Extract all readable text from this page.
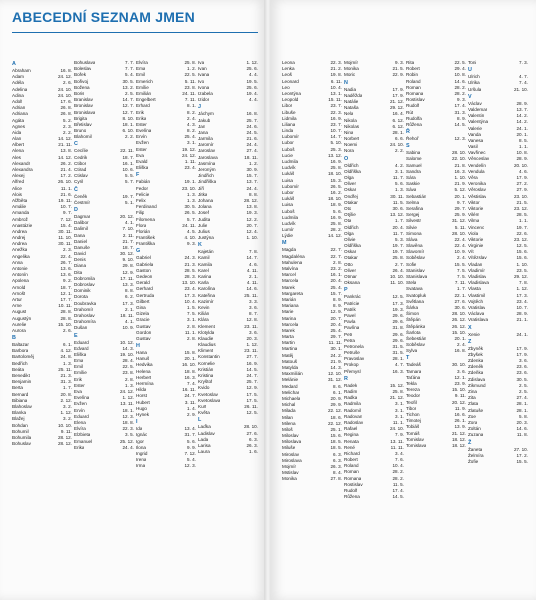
ABECEDNÍ SEZNAM JMEN
A
Abraham	16. 8.
Adam	24. 12.
Adéla	2. 6.
Adelina	24. 10.
Adina	24. 10.
Adolf	17. 6.
Adrian	26. 8.
Adriana	26. 8.
Agáta	5. 2.
Agnes	2. 3.
Aida	2. 2.
Alan	14. 12.
Albert	21. 11.
Alena	13. 8.
Ales	14. 12.
Alexandr	26. 2.
Alexandra	21. 4.
Alexej	17. 2.
Alfred	26. 10.
Alice	11. 1.
Alois	21. 6.
Alžběta	19. 11.
Amálie	10. 7.
Amanda	9. 7.
Ambrož	7. 12.
Anastázie	15. 4.
Andrea	30. 11.
Andrej	11. 10.
Andrea	30. 11.
Anežka	2. 3.
Angelika	22. 4.
Anna	26. 7.
Antonie	13. 6.
Antonín	13. 6.
Apolena	9. 2.
Arnold	18. 7.
Arnošt	12. 1.
Artur	17. 7.
Arne	10. 11.
August	28. 8.
Augustýn	28. 8.
Aurelie	15. 10.
Aurora	2. 6.
B
Baltazar	6. 1.
Barbora	4. 12.
Bartoloměj	24. 8.
Bedřich	1. 3.
Beáta	25. 11.
Benedikt	21. 3.
Benjamin	31. 3.
Berta	1. 7.
Bernard	20. 8.
Bibiana	2. 12.
Blahoslav	3. 2.
Blanka	1. 12.
Blažej	3. 2.
Bohdan	10. 10.
Bohumil	9. 11.
Bohumila	28. 12.
Bohuslav	28. 12.
Bohuslava	7. 7.
Boleslav	7. 7.
Bořek	5. 4.
Bořivoj	30. 5.
Božena	13. 2.
Boris	2. 5.
Branislav	14. 7.
Bronislav	12. 7.
Bronislava	12. 7.
Brigita	8. 10.
Břetislav	18. 1.
Bruno	6. 10.
Blahomil	2. 2.
C
Cecílie	22. 11.
Cedrik	18. 7.
Ctibor	16. 1.
Ctirad	10. 6.
Ctislav	5. 5.
Cyril	5. 7.
Č
Čeněk	19. 7.
Čestmír	5. 1.
D
Dagmar	20. 12.
Dalibor	4. 1.
Dalimil	7. 10.
Dana	2. 11.
Daniel	21. 7.
Danuše	18. 7.
David	30. 12.
Denis	9. 10.
Diana	29. 8.
Dita	12. 9.
Dobromila	17. 11.
Dobroslav	13. 3.
Dominik	8. 8.
Dorota	6. 2.
Doubravka	17. 3.
Drahomír	2. 1.
Drahoslav	18. 11.
Drahomíra	4. 1.
Dušan	10. 9.
E
Eduard	10. 12.
Edvard	14. 3.
Eliška	19. 10.
Ema	28. 4.
Emil	22. 5.
Emílie	23. 8.
Erik	2. 8.
Ester	1. 3.
Eva	24. 12.
Evelína	1. 12.
Evžen	13. 11.
Ervín	18. 1.
Eduard	12. 3.
Elena	18. 8.
Elvíra	22. 3.
Elzbieta	3. 5.
Emanuel	25. 12.
Erika	24. 4.
Elvíra	25. 8.
Ema	1. 2.
Emil	22. 5.
Emerich	5. 11.
Emílie	23. 8.
Emilián	24. 11.
Engelbert	7. 11.
Erhard	8. 1.
Erik	8. 2.
Erika	2. 4.
Ester	4. 3.
Evelína	8. 2.
Ervín	25. 4.
Evžen	3. 1.
Ester	19. 12.
Eva	24. 12.
Evald	1. 11.
Eliška	23. 4.
F
Fabián	19. 1.
Fedor	23. 10.
Felicie	1. 3.
Felix	1. 3.
Ferdinand	30. 5.
Filip	26. 5.
Filomena	5. 7.
Flora	24. 11.
Florián	4. 5.
František	4. 10.
Františka	9. 3.
G
Gabriel	24. 3.
Gabriela	21. 3.
Gaston	28. 5.
Gedeon	28. 3.
Gerald	13. 10.
Gerhard	23. 4.
Gertruda	17. 3.
Gilbert	10. 4.
Gina	1. 5.
Gizela	7. 5.
Gracie	3. 1.
Gustav	2. 8.
Gordon	11. 1.
Gustav	2. 8.
H
Hana	15. 8.
Hanuš	20. 1.
Hedvika	16. 10.
Helena	18. 8.
Herbert	16. 3.
Hermína	7. 4.
Hilda	16. 11.
Horst	24. 7.
Hubert	3. 11.
Hugo	1. 4.
Hynek	2. 9.
I
Ida	13. 4.
Ignác	31. 7.
Igor	5. 6.
Ilona	9. 9.
Ingrid	7. 12.
Irena	5. 4.
Irma	12. 3.
Iva	1. 12.
Ivan	25. 6.
Ivana	4. 4.
Ivo	19. 5.
Ivona	25. 6.
Izabela	19. 4.
Izidor	4. 4.
J
Jáchym	16. 8.
Jakub	25. 7.
Jan	24. 6.
Jana	24. 5.
Jarmila	21. 6.
Jaromír	24. 4.
Jaroslav	27. 4.
Jaroslava	18. 11.
Jasmína	1. 2.
Jeroným	30. 9.
Jindřich	15. 7.
Jindřiška	13. 7.
Jiří	24. 4.
Jitka	8. 8.
Johana	28. 12.
Jolana	13. 8.
Josef	19. 3.
Judita	12. 2.
Julie	20. 7.
Julius	12. 4.
Justýna	1. 10.
K
Kajetán	7. 8.
Kamil	14. 7.
Kamila	4. 6.
Karel	4. 11.
Karina	2. 1.
Karla	4. 11.
Karolína	14. 6.
Kateřina	25. 11.
Kazimír	3. 3.
Kevin	3. 6.
Kilián	8. 7.
Klára	12. 8.
Klement	23. 11.
Klotylda	3. 6.
Klaudie	20. 3.
Klaudius	1. 12.
Kliment	23. 11.
Konstantin	27. 7.
Kornelie	16. 9.
Kristián	14. 5.
Kristina	24. 7.
Kryštof	25. 7.
Kvido	12. 9.
Kvetoslav	17. 5.
Kvetoslava	17. 5.
Kurt	26. 11.
Květa	12. 5.
L
Laďka	28. 10.
Ladislav	27. 6.
Lada	6. 3.
Larisa	26. 3.
Laura	1. 6.
Leona	22. 3.
Lenka	21. 2.
Leoš	19. 8.
Leonard	6. 11.
Leo	10. 4.
Leontýna	13. 1.
Leopold	15. 11.
Libor	23. 7.
Libuše	22. 3.
Lidmila	16. 9.
Liliana	23. 7.
Linda	10. 7.
Lubomír	14. 7.
Lubor	5. 10.
Luboš	25. 3.
Lucie	13. 12.
Ludmila	16. 9.
Ludvík	25. 8.
Lukáš	18. 10.
Luisa	15. 3.
Lubomír	26. 5.
Lubor	16. 2.
Lukáš	18. 10.
Luisa	18. 9.
Luboš	5. 6.
Ludmila	16. 9.
Ludvík	25. 8.
Lumír	28. 2.
Lýdie	14. 12.
M
Magda	22. 7.
Magdaléna	22. 7.
Mahulena	2. 8.
Malvína	23. 2.
Marcel	16. 1.
Marcela	20. 4.
Marek	25. 4.
Margareta	15. 7.
Marián	8. 9.
Mariana	8. 9.
Marie	12. 9.
Marina	20. 7.
Marcela	20. 4.
Marek	25. 4.
Marta	29. 7.
Martin	11. 11.
Martina	30. 1.
Matěj	24. 2.
Matouš	21. 9.
Matylda	14. 3.
Maxmilián	12. 10.
Melánie	31. 12.
Medard	8. 6.
Melichar	6. 1.
Michaela	20. 9.
Michal	29. 9.
Milada	22. 12.
Milan	18. 6.
Milena	22. 12.
Miloš	25. 1.
Miloslav	15. 6.
Miloslava	18. 5.
Miluše	18. 5.
Miroslav	6. 3.
Miroslava	6. 3.
Mojmír	26. 3.
Mstislav	8. 4.
Monika	27. 8.
Mojmír	9. 3.
Monika	21. 5.
Moric	22. 9.
N
Nadia	17. 9.
Naděžda	17. 9.
Natálie	21. 12.
Nataša	29. 12.
Nela	16. 4.
Nikola	6. 12.
Nikolas	6. 12.
Nina	28. 1.
Norbert	6. 6.
Noemi	24. 10.
Nora	2. 2.
O
Oldřich	4. 2.
Oldřiška	3. 1.
Olga	11. 7.
Oliver	5. 6.
Oskar	1. 3.
Ondřej	30. 11.
Otakar	11. 5.
Oto	30. 6.
Otýlie	13. 12.
Ota	1. 7.
Oldřich	20. 4.
Olga	11. 7.
Olivie	5. 3.
Oldřiška	19. 7.
Oskar	19. 7.
Otakar	25. 8.
Otto	2. 7.
Oliver	26. 4.
Otmar	10. 10.
Oksana	11. 10.
P
Pankrác	12. 5.
Patricie	17. 3.
Patrik	19. 3.
Pavel	29. 6.
Pavla	29. 6.
Pavlína	31. 8.
Petr	29. 6.
Petra	29. 6.
Petronela	31. 5.
Petruše	31. 5.
Pravoslav	28. 1.
Prokop	4. 7.
Přemysl	16. 3.
R
Radek	15. 12.
Radim	25. 8.
Radka	21. 12.
Radmila	3. 1.
Radomil	3. 1.
Radovan	3. 1.
Radoslav	11. 1.
Rafael	24. 10.
Regina	7. 9.
Renata	13. 11.
René	11. 11.
Richard	3. 4.
Robert	7. 6.
Roland	10. 4.
Roman	28. 2.
Romana	28. 2.
Rostislav	11. 5.
Rudolf	17. 4.
Růžena	14. 5.
Rita	22. 5.
Robert	29. 4.
Robin	10. 8.
Roland	14. 6.
Roman	28. 2.
Romana	28. 2.
Rostislav	9. 3.
Rudolf	17. 4.
Rút	31. 3.
Rudolfa	8. 9.
Růžena	14. 5.
Ř
Řehoř	12. 3.
S
Sabina	28. 10.
Salome	22. 10.
Samuel	21. 8.
Sandra	16. 3.
Sára	1. 10.
Saskie	21. 9.
Sáva	5. 12.
Sebastián	20. 1.
Selma	9. 7.
Serafina	29. 7.
Sergej	25. 9.
Silvestr	31. 12.
Silvie	5. 11.
Simona	28. 10.
Sláva	22. 4.
Slavěna	22. 4.
Slavomír	10. 9.
Soběslav	2. 4.
Sofie	15. 5.
Stanislav	7. 5.
Stanislava	7. 5.
Stela	7. 11.
Svatava	1. 7.
Svatopluk	22. 1.
Světlana	27. 6.
Šárka	30. 6.
Šimon	28. 10.
Štěpán	26. 12.
Štěpánka	26. 12.
Šarlota	15. 10.
Šebestián	20. 1.
Soběslav	2. 4.
Sylva	16. 8.
T
Tadeáš	30. 10.
Tamara	3. 6.
Taťána	12. 1.
Tekla	23. 9.
Tereza	15. 10.
Teodor	9. 11.
Teofil	20. 12.
Tibor	11. 9.
Tichon	16. 6.
Timotej	26. 1.
Tobiáš	13. 9.
Tomáš	21. 12.
Tomislav	18. 12.
Tomislava	18. 12.
Toni	7. 3.
U
Ulrich	4. 7.
Ulrika	7. 4.
Uršula	21. 10.
V
Václav	28. 9.
Valdemar	13. 7.
Valentin	14. 2.
Valentýna	14. 2.
Valerie	24. 1.
Vanda	20. 1.
Vanesa	8. 5.
Vasil	1. 1.
Vavřinec	10. 8.
Věnceslav	28. 9.
Vendelín	20. 10.
Vendula	4. 6.
Věra	17. 9.
Veronika	27. 2.
Věroslav	27. 9.
Věstislav	23. 10.
Viktor	21. 5.
Viktorie	23. 12.
Vilém	28. 5.
Vilma	1. 1.
Vincenc	19. 7.
Viola	22. 6.
Viktorie	23. 12.
Virginie	12. 5.
Vít	15. 6.
Vítězslav	15. 6.
Vladan	1. 10.
Vladimír	23. 5.
Vladislav	29. 12.
Vladislava	7. 8.
Vlasta	1. 12.
Vlastimil	17. 3.
Vojtěch	23. 4.
Vratislav	10. 7.
Václava	28. 9.
Vratislava	21. 1.
X
Xenie	24. 1.
Z
Zbyněk	17. 9.
Zbyšek	17. 9.
Zdenka	3. 6.
Zdeněk	23. 6.
Zdeňka	23. 6.
Zdislava	30. 5.
Zikmund	2. 5.
Zina	2. 5.
Zita	27. 4.
Zlata	28. 1.
Zlatuše	28. 1.
Zoe	5. 8.
Zora	20. 3.
Zoltán	14. 6.
Zuzana	11. 8.
Ž
Žaneta	27. 10.
Želmíra	17. 2.
Žofie	15. 5.
